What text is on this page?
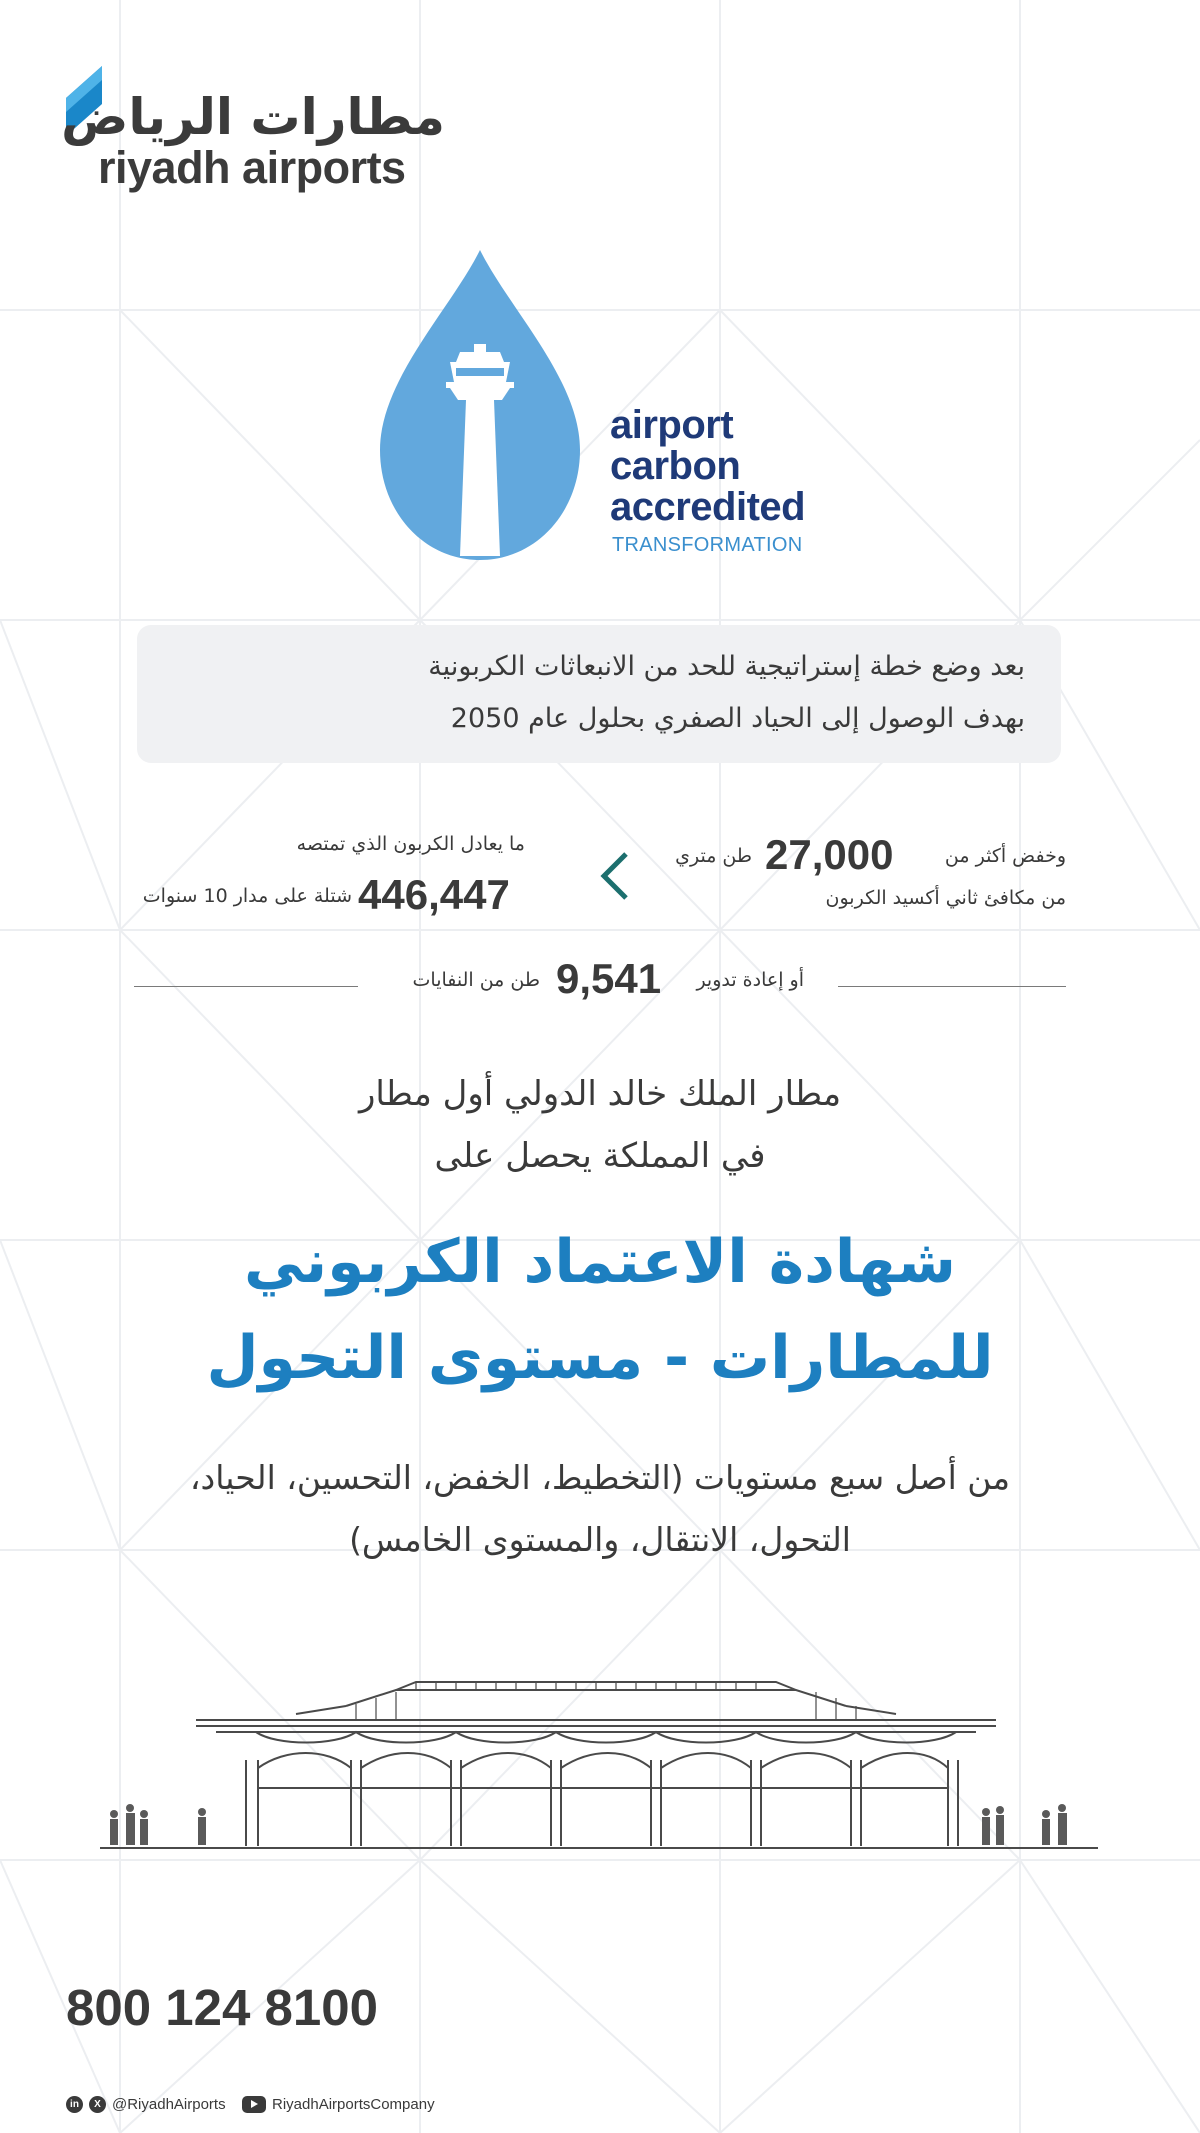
مطارات الرياض
riyadh airports
airport
carbon
accredited
TRANSFORMATION
بعد وضع خطة إستراتيجية للحد من الانبعاثات الكربونية
بهدف الوصول إلى الحياد الصفري بحلول عام 2050
وخفض أكثر من
27,000
طن متري
من مكافئ ثاني أكسيد الكربون
ما يعادل الكربون الذي تمتصه
446,447
شتلة على مدار 10 سنوات
أو إعادة تدوير
9,541
طن من النفايات
مطار الملك خالد الدولي أول مطار
في المملكة يحصل على
شهادة الاعتماد الكربوني
للمطارات - مستوى التحول
من أصل سبع مستويات (التخطيط، الخفض، التحسين، الحياد،
التحول، الانتقال، والمستوى الخامس)
800 124 8100
in	X @RiyadhAirports	RiyadhAirportsCompany
